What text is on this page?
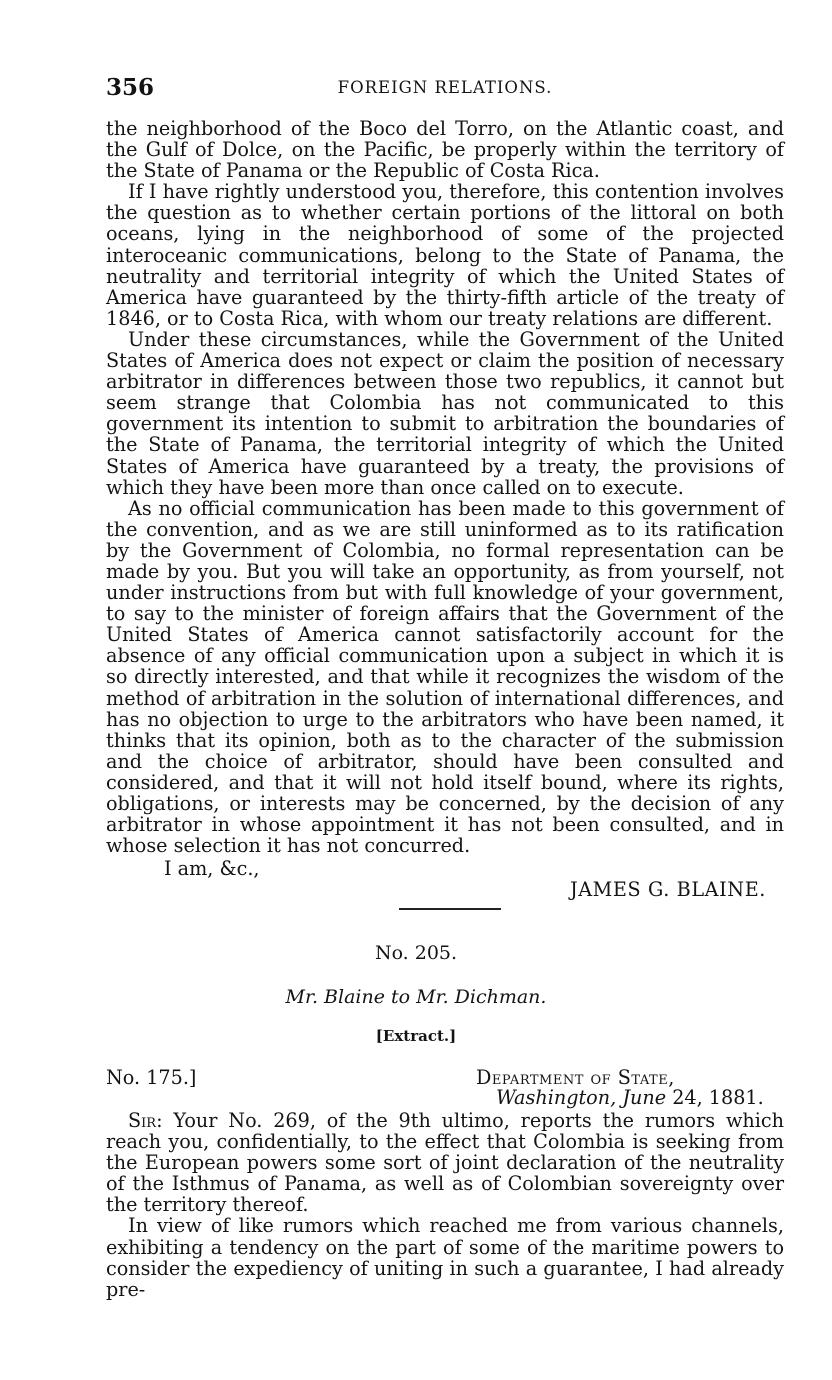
356	FOREIGN RELATIONS.

the neighborhood of the Boco del Torro, on the Atlantic coast, and the Gulf of Dolce, on the Pacific, be properly within the territory of the State of Panama or the Republic of Costa Rica.

If I have rightly understood you, therefore, this contention involves the question as to whether certain portions of the littoral on both oceans, lying in the neighborhood of some of the projected interoceanic communications, belong to the State of Panama, the neutrality and territorial integrity of which the United States of America have guaranteed by the thirty-fifth article of the treaty of 1846, or to Costa Rica, with whom our treaty relations are different.

Under these circumstances, while the Government of the United States of America does not expect or claim the position of necessary arbitrator in differences between those two republics, it cannot but seem strange that Colombia has not communicated to this government its intention to submit to arbitration the boundaries of the State of Panama, the territorial integrity of which the United States of America have guaranteed by a treaty, the provisions of which they have been more than once called on to execute.

As no official communication has been made to this government of the convention, and as we are still uninformed as to its ratification by the Government of Colombia, no formal representation can be made by you. But you will take an opportunity, as from yourself, not under instructions from but with full knowledge of your government, to say to the minister of foreign affairs that the Government of the United States of America cannot satisfactorily account for the absence of any official communication upon a subject in which it is so directly interested, and that while it recognizes the wisdom of the method of arbitration in the solution of international differences, and has no objection to urge to the arbitrators who have been named, it thinks that its opinion, both as to the character of the submission and the choice of arbitrator, should have been consulted and considered, and that it will not hold itself bound, where its rights, obligations, or interests may be concerned, by the decision of any arbitrator in whose appointment it has not been consulted, and in whose selection it has not concurred.

I am, &c.,

JAMES G. BLAINE.

No. 205.
Mr. Blaine to Mr. Dichman.
[Extract.]
No. 175.]	Department of State,
Washington, June 24, 1881.

Sir: Your No. 269, of the 9th ultimo, reports the rumors which reach you, confidentially, to the effect that Colombia is seeking from the European powers some sort of joint declaration of the neutrality of the Isthmus of Panama, as well as of Colombian sovereignty over the territory thereof.

In view of like rumors which reached me from various channels, exhibiting a tendency on the part of some of the maritime powers to consider the expediency of uniting in such a guarantee, I had already pre-
